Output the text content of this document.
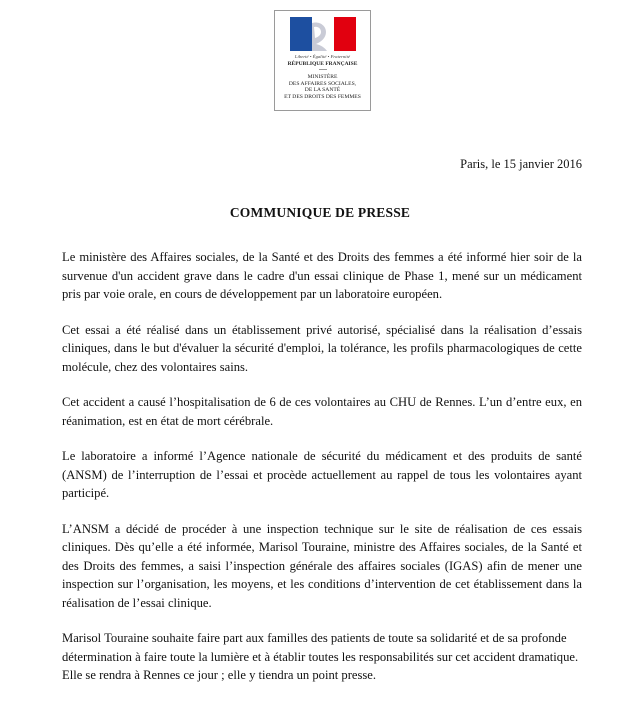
Liberté • Égalité • Fraternité
RÉPUBLIQUE FRANÇAISE
MINISTÈRE
DES AFFAIRES SOCIALES,
DE LA SANTÉ
ET DES DROITS DES FEMMES
Paris, le 15 janvier 2016
COMMUNIQUE DE PRESSE

Le ministère des Affaires sociales, de la Santé et des Droits des femmes a été informé hier soir de la survenue d'un accident grave dans le cadre d'un essai clinique de Phase 1, mené sur un médicament pris par voie orale, en cours de développement par un laboratoire européen.

Cet essai a été réalisé dans un établissement privé autorisé, spécialisé dans la réalisation d’essais cliniques, dans le but d'évaluer la sécurité d'emploi, la tolérance, les profils pharmacologiques de cette molécule, chez des volontaires sains.

Cet accident a causé l’hospitalisation de 6 de ces volontaires au CHU de Rennes. L’un d’entre eux, en réanimation, est en état de mort cérébrale.

Le laboratoire a informé l’Agence nationale de sécurité du médicament et des produits de santé (ANSM) de l’interruption de l’essai et procède actuellement au rappel de tous les volontaires ayant participé.

L’ANSM a décidé de procéder à une inspection technique sur le site de réalisation de ces essais cliniques. Dès qu’elle a été informée, Marisol Touraine, ministre des Affaires sociales, de la Santé et des Droits des femmes, a saisi l’inspection générale des affaires sociales (IGAS) afin de mener une inspection sur l’organisation, les moyens, et les conditions d’intervention de cet établissement dans la réalisation de l’essai clinique.

Marisol Touraine souhaite faire part aux familles des patients de toute sa solidarité et de sa profonde détermination à faire toute la lumière et à établir toutes les responsabilités sur cet accident dramatique. Elle se rendra à Rennes ce jour ; elle y tiendra un point presse.
